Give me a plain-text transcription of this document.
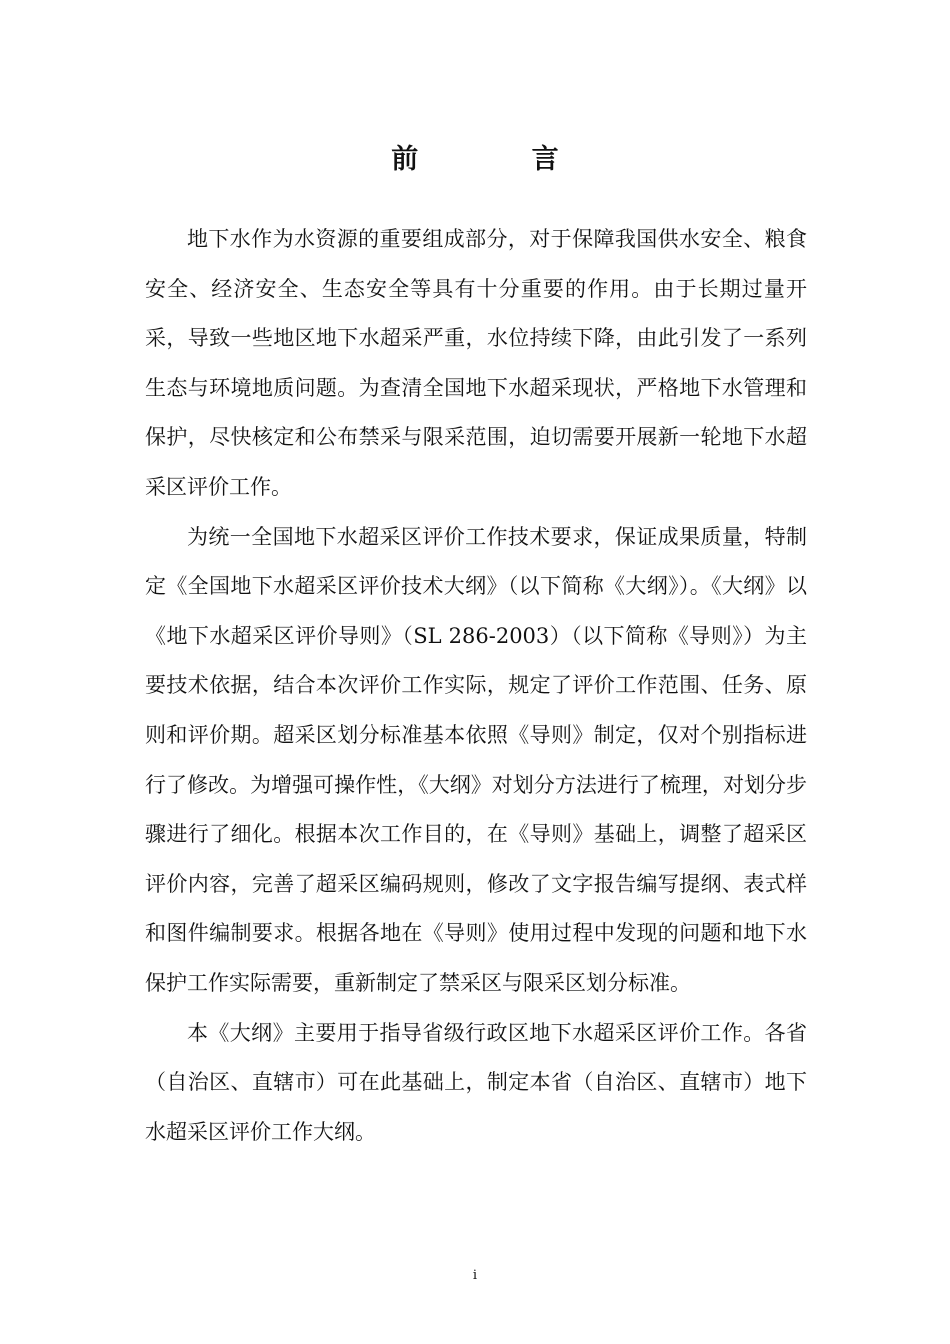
前　言

地下水作为水资源的重要组成部分，对于保障我国供水安全、粮食安全、经济安全、生态安全等具有十分重要的作用。由于长期过量开采，导致一些地区地下水超采严重，水位持续下降，由此引发了一系列生态与环境地质问题。为查清全国地下水超采现状，严格地下水管理和保护，尽快核定和公布禁采与限采范围，迫切需要开展新一轮地下水超采区评价工作。

为统一全国地下水超采区评价工作技术要求，保证成果质量，特制定《全国地下水超采区评价技术大纲》（以下简称《大纲》）。《大纲》以《地下水超采区评价导则》（SL 286-2003）（以下简称《导则》）为主要技术依据，结合本次评价工作实际，规定了评价工作范围、任务、原则和评价期。超采区划分标准基本依照《导则》制定，仅对个别指标进行了修改。为增强可操作性，《大纲》对划分方法进行了梳理，对划分步骤进行了细化。根据本次工作目的，在《导则》基础上，调整了超采区评价内容，完善了超采区编码规则，修改了文字报告编写提纲、表式样和图件编制要求。根据各地在《导则》使用过程中发现的问题和地下水保护工作实际需要，重新制定了禁采区与限采区划分标准。

本《大纲》主要用于指导省级行政区地下水超采区评价工作。各省（自治区、直辖市）可在此基础上，制定本省（自治区、直辖市）地下水超采区评价工作大纲。

i
